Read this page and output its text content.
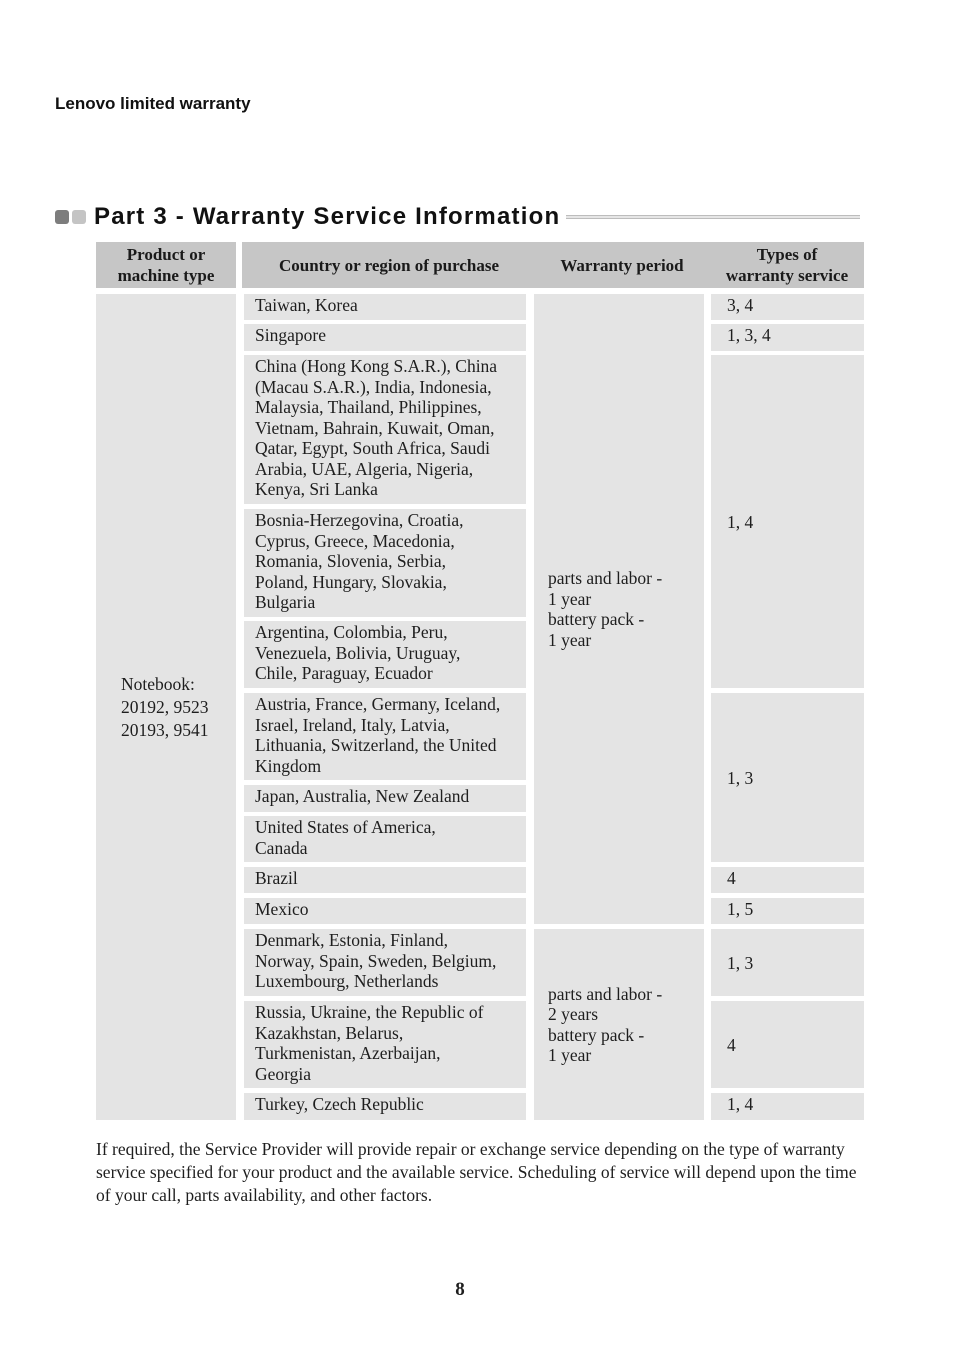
Lenovo limited warranty
Part 3 - Warranty Service Information
Product or
machine type
Country or region of purchase	Warranty period
Types of
warranty service
Notebook:
20192, 9523
20193, 9541
Taiwan, Korea
Singapore
China (Hong Kong S.A.R.), China
(Macau S.A.R.), India, Indonesia,
Malaysia, Thailand, Philippines,
Vietnam, Bahrain, Kuwait, Oman,
Qatar, Egypt, South Africa, Saudi
Arabia, UAE, Algeria, Nigeria,
Kenya, Sri Lanka
Bosnia-Herzegovina, Croatia,
Cyprus, Greece, Macedonia,
Romania, Slovenia, Serbia,
Poland, Hungary, Slovakia,
Bulgaria
Argentina, Colombia, Peru,
Venezuela, Bolivia, Uruguay,
Chile, Paraguay, Ecuador
Austria, France, Germany, Iceland,
Israel, Ireland, Italy, Latvia,
Lithuania, Switzerland, the United
Kingdom
Japan, Australia, New Zealand
United States of America,
Canada
Brazil
Mexico
Denmark, Estonia, Finland,
Norway, Spain, Sweden, Belgium,
Luxembourg, Netherlands
Russia, Ukraine, the Republic of
Kazakhstan, Belarus,
Turkmenistan, Azerbaijan,
Georgia
Turkey, Czech Republic
parts and labor -
1 year
battery pack -
1 year
parts and labor -
2 years
battery pack -
1 year
3, 4
1, 3, 4
1, 4
1, 3
4
1, 5
1, 3
4
1, 4
If required, the Service Provider will provide repair or exchange service depending on the type of warranty service specified for your product and the available service. Scheduling of service will depend upon the time of your call, parts availability, and other factors.
8
